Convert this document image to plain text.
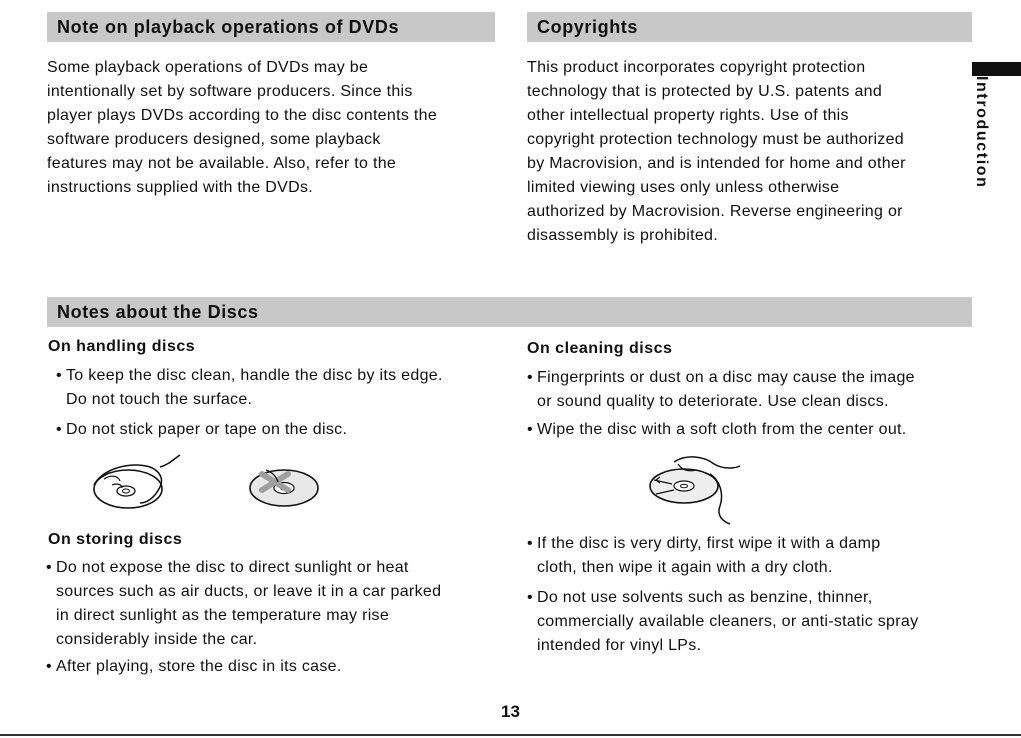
Note on playback operations of DVDs
Some playback operations of DVDs may be
intentionally set by software producers. Since this
player plays DVDs according to the disc contents the
software producers designed, some playback
features may not be available. Also, refer to the
instructions supplied with the DVDs.
Copyrights
This product incorporates copyright protection
technology that is protected by U.S. patents and
other intellectual property rights. Use of this
copyright protection technology must be authorized
by Macrovision, and is intended for home and other
limited viewing uses only unless otherwise
authorized by Macrovision. Reverse engineering or
disassembly is prohibited.
Introduction
Notes about the Discs
On handling discs
• To keep the disc clean, handle the disc by its edge.
Do not touch the surface.
• Do not stick paper or tape on the disc.
On storing discs
• Do not expose the disc to direct sunlight or heat
sources such as air ducts, or leave it in a car parked
in direct sunlight as the temperature may rise
considerably inside the car.
• After playing, store the disc in its case.
On cleaning discs
• Fingerprints or dust on a disc may cause the image
or sound quality to deteriorate. Use clean discs.
• Wipe the disc with a soft cloth from the center out.
• If the disc is very dirty, first wipe it with a damp
cloth, then wipe it again with a dry cloth.
• Do not use solvents such as benzine, thinner,
commercially available cleaners, or anti-static spray
intended for vinyl LPs.
13
